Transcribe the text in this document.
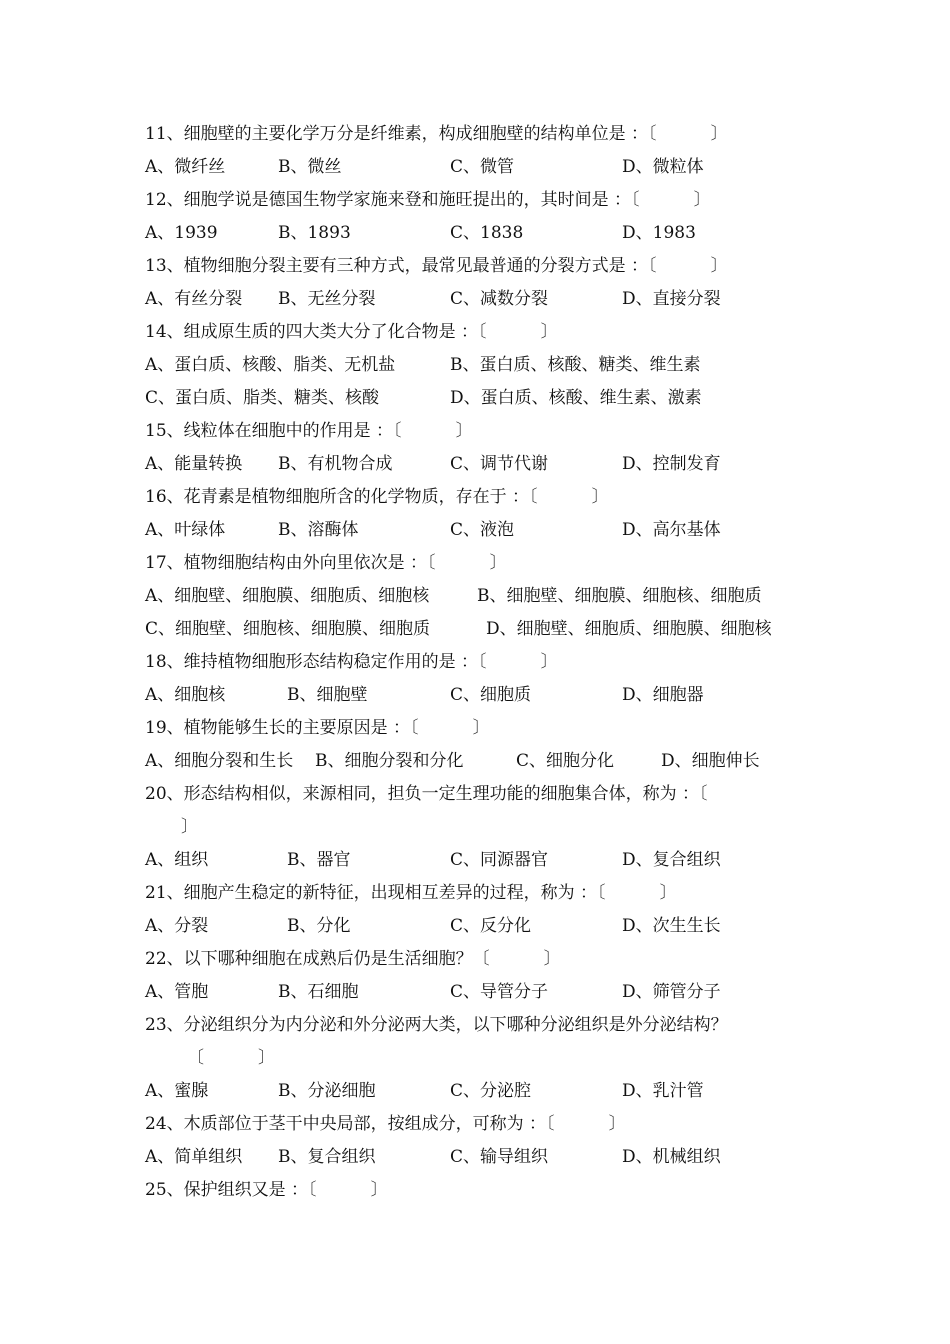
11、细胞壁的主要化学万分是纤维素，构成细胞壁的结构单位是 ：〔          〕

A、微纤丝

	B、微丝

	C、微管

	D、微粒体

12、细胞学说是德国生物学家施来登和施旺提出的，其时间是 ：〔          〕

A、1939

	B、1893

	C、1838

	D、1983

13、植物细胞分裂主要有三种方式，最常见最普通的分裂方式是 ：〔          〕

A、有丝分裂

B、无丝分裂

	C、减数分裂

	D、直接分裂

14、组成原生质的四大类大分了化合物是 ：〔          〕

A、蛋白质、核酸、脂类、无机盐

	B、蛋白质、核酸、糖类、维生素

C、蛋白质、脂类、糖类、核酸

	D、蛋白质、核酸、维生素、激素

15、线粒体在细胞中的作用是 ：〔          〕

A、能量转换

B、有机物合成

	C、调节代谢

	D、控制发育

16、花青素是植物细胞所含的化学物质，存在于 ：〔          〕

A、叶绿体

	B、溶酶体

	C、液泡

	D、高尔基体

17、植物细胞结构由外向里依次是 ：〔          〕

A、细胞壁、细胞膜、细胞质、细胞核

	B、细胞壁、细胞膜、细胞核、细胞质

C、细胞壁、细胞核、细胞膜、细胞质

	D、细胞壁、细胞质、细胞膜、细胞核

18、维持植物细胞形态结构稳定作用的是 ：〔          〕

A、细胞核

	B、细胞壁

	C、细胞质

	D、细胞器

19、植物能够生长的主要原因是 ：〔          〕

A、细胞分裂和生长

B、细胞分裂和分化

	C、细胞分化

	D、细胞伸长

20、形态结构相似，来源相同，担负一定生理功能的细胞集合体，称为 ：〔
〕

A、组织

	B、器官

	C、同源器官

	D、复合组织

21、细胞产生稳定的新特征，出现相互差异的过程，称为 ：〔          〕

A、分裂

	B、分化

	C、反分化

	D、次生生长

22、以下哪种细胞在成熟后仍是生活细胞？〔          〕

A、管胞

	B、石细胞

	C、导管分子

	D、筛管分子

23、分泌组织分为内分泌和外分泌两大类，以下哪种分泌组织是外分泌结构？
〔          〕

A、蜜腺

	B、分泌细胞

	C、分泌腔

	D、乳汁管

24、木质部位于茎干中央局部，按组成分，可称为 ：〔          〕

A、简单组织

B、复合组织

	C、输导组织

	D、机械组织

25、保护组织又是 ：〔          〕
